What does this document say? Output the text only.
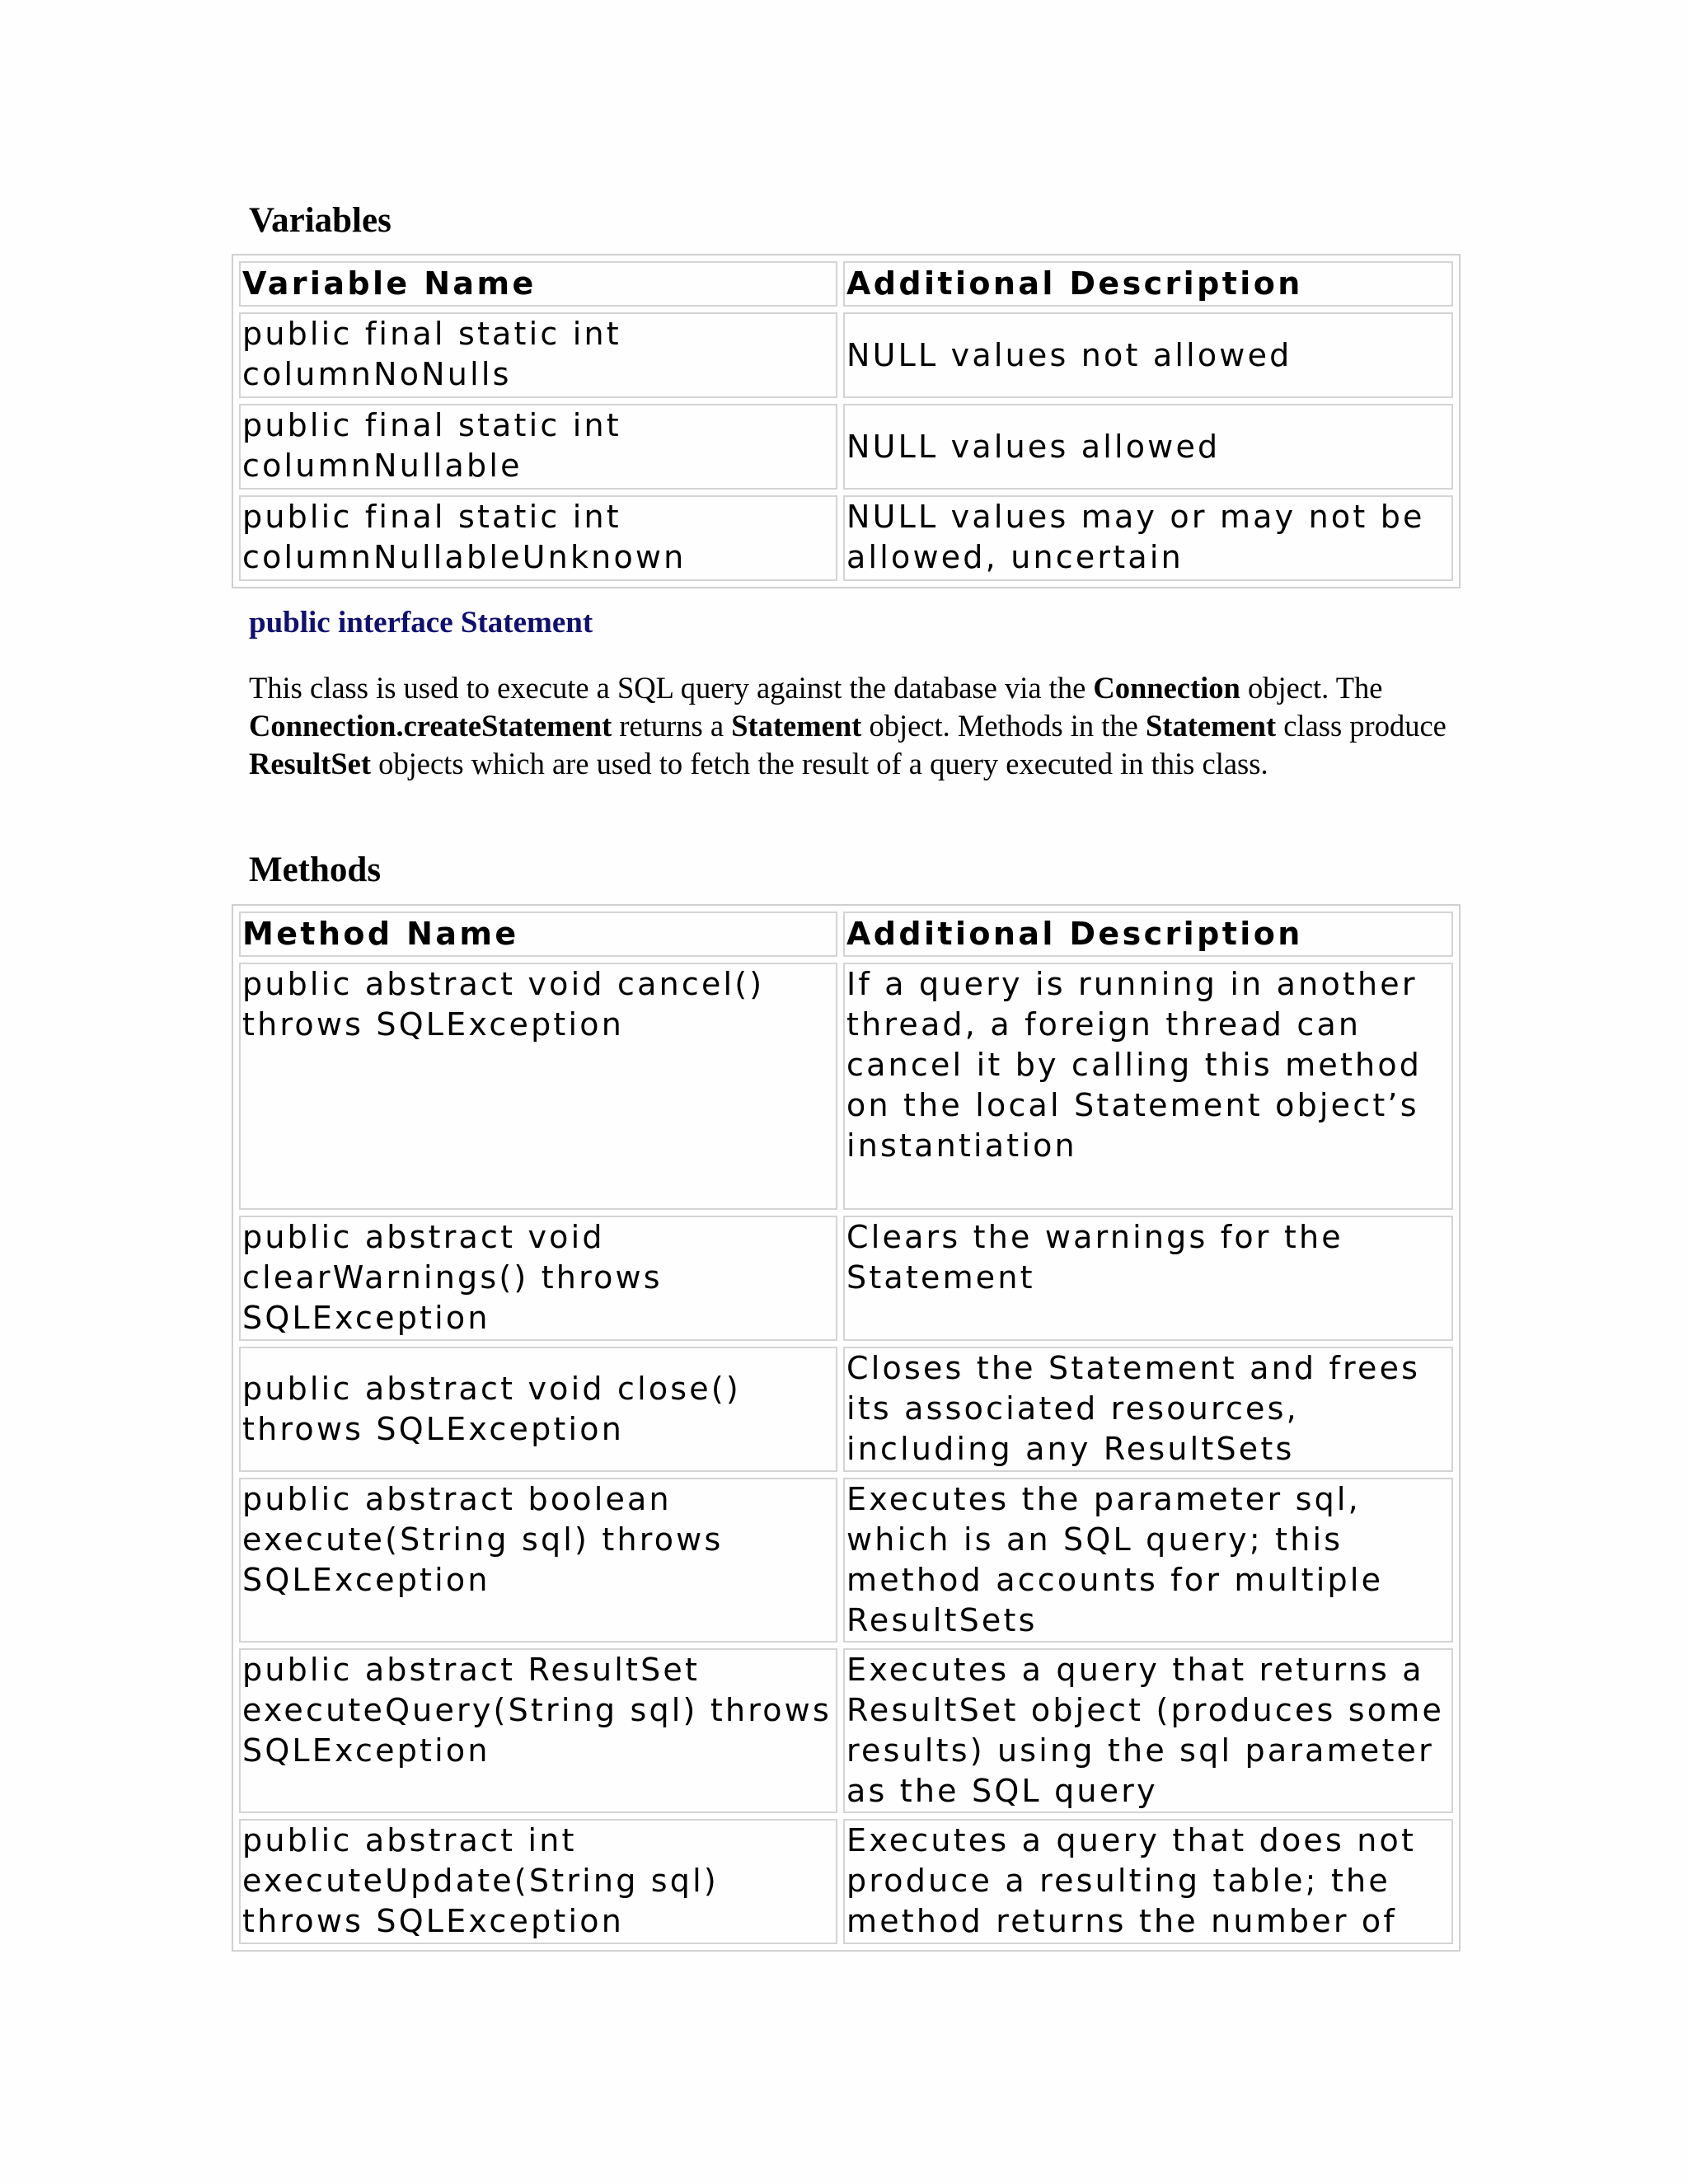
Variables
Variable Name	Additional Description
public final static int columnNoNulls	NULL values not allowed
public final static int columnNullable	NULL values allowed
public final static int columnNullableUnknown	NULL values may or may not be allowed, uncertain
public interface Statement

This class is used to execute a SQL query against the database via the Connection object. The Connection.createStatement returns a Statement object. Methods in the Statement class produce ResultSet objects which are used to fetch the result of a query executed in this class.

Methods
Method Name	Additional Description
public abstract void cancel() throws SQLException	If a query is running in another thread, a foreign thread can cancel it by calling this method on the local Statement object’s instantiation
public abstract void clearWarnings() throws SQLException	Clears the warnings for the Statement
public abstract void close() throws SQLException	Closes the Statement and frees its associated resources, including any ResultSets
public abstract boolean execute(String sql) throws SQLException	Executes the parameter sql, which is an SQL query; this method accounts for multiple ResultSets
public abstract ResultSet executeQuery(String sql) throws SQLException	Executes a query that returns a ResultSet object (produces some results) using the sql parameter as the SQL query
public abstract int executeUpdate(String sql) throws SQLException	Executes a query that does not produce a resulting table; the method returns the number of
